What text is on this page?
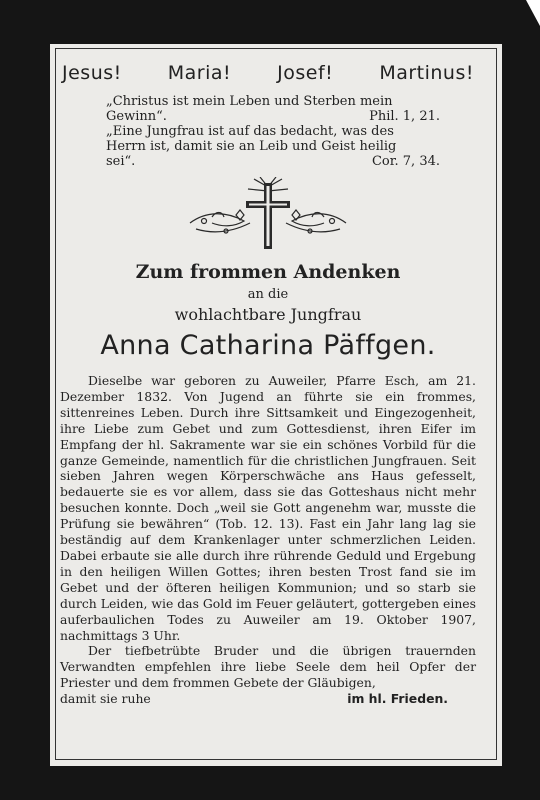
Jesus! Maria! Josef! Martinus!
„Christus ist mein Leben und Sterben mein
Gewinn“.	Phil. 1, 21.
„Eine Jungfrau ist auf das bedacht, was des
Herrn ist, damit sie an Leib und Geist heilig
sei“.	Cor. 7, 34.
Zum frommen Andenken
an die
wohlachtbare Jungfrau
Anna Catharina Päffgen.

Dieselbe war geboren zu Auweiler, Pfarre Esch, am 21. Dezember 1832. Von Jugend an führte sie ein frommes, sittenreines Leben. Durch ihre Sittsamkeit und Eingezogenheit, ihre Liebe zum Gebet und zum Gottesdienst, ihren Eifer im Empfang der hl. Sakramente war sie ein schönes Vorbild für die ganze Gemeinde, namentlich für die christlichen Jungfrauen. Seit sieben Jahren wegen Körperschwäche ans Haus gefesselt, bedauerte sie es vor allem, dass sie das Gotteshaus nicht mehr besuchen konnte. Doch „weil sie Gott angenehm war, musste die Prüfung sie bewähren“ (Tob. 12. 13). Fast ein Jahr lang lag sie beständig auf dem Krankenlager unter schmerzlichen Leiden. Dabei erbaute sie alle durch ihre rührende Geduld und Ergebung in den heiligen Willen Gottes; ihren besten Trost fand sie im Gebet und der öfteren heiligen Kommunion; und so starb sie durch Leiden, wie das Gold im Feuer geläutert, gottergeben eines auferbaulichen Todes zu Auweiler am 19. Oktober 1907, nachmittags 3 Uhr.

Der tiefbetrübte Bruder und die übrigen trauernden Verwandten empfehlen ihre liebe Seele dem heil Opfer der Priester und dem frommen Gebete der Gläubigen,

damit sie ruhe	im hl. Frieden.
